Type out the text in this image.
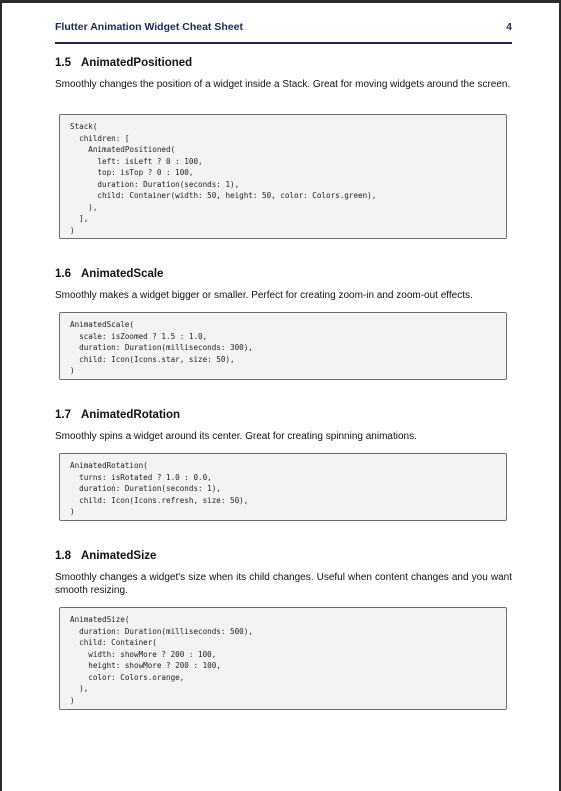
Flutter Animation Widget Cheat Sheet	4
1.5 AnimatedPositioned

Smoothly changes the position of a widget inside a Stack. Great for moving widgets around the screen.

Stack(
children: [
AnimatedPositioned(
left: isLeft ? 0 : 100,
top: isTop ? 0 : 100,
duration: Duration(seconds: 1),
child: Container(width: 50, height: 50, color: Colors.green),
),
],
)
1.6 AnimatedScale

Smoothly makes a widget bigger or smaller. Perfect for creating zoom-in and zoom-out effects.

AnimatedScale(
scale: isZoomed ? 1.5 : 1.0,
duration: Duration(milliseconds: 300),
child: Icon(Icons.star, size: 50),
)
1.7 AnimatedRotation

Smoothly spins a widget around its center. Great for creating spinning animations.

AnimatedRotation(
turns: isRotated ? 1.0 : 0.0,
duration: Duration(seconds: 1),
child: Icon(Icons.refresh, size: 50),
)
1.8 AnimatedSize

Smoothly changes a widget's size when its child changes. Useful when content changes and you want smooth resizing.

AnimatedSize(
duration: Duration(milliseconds: 500),
child: Container(
width: showMore ? 200 : 100,
height: showMore ? 200 : 100,
color: Colors.orange,
),
)
